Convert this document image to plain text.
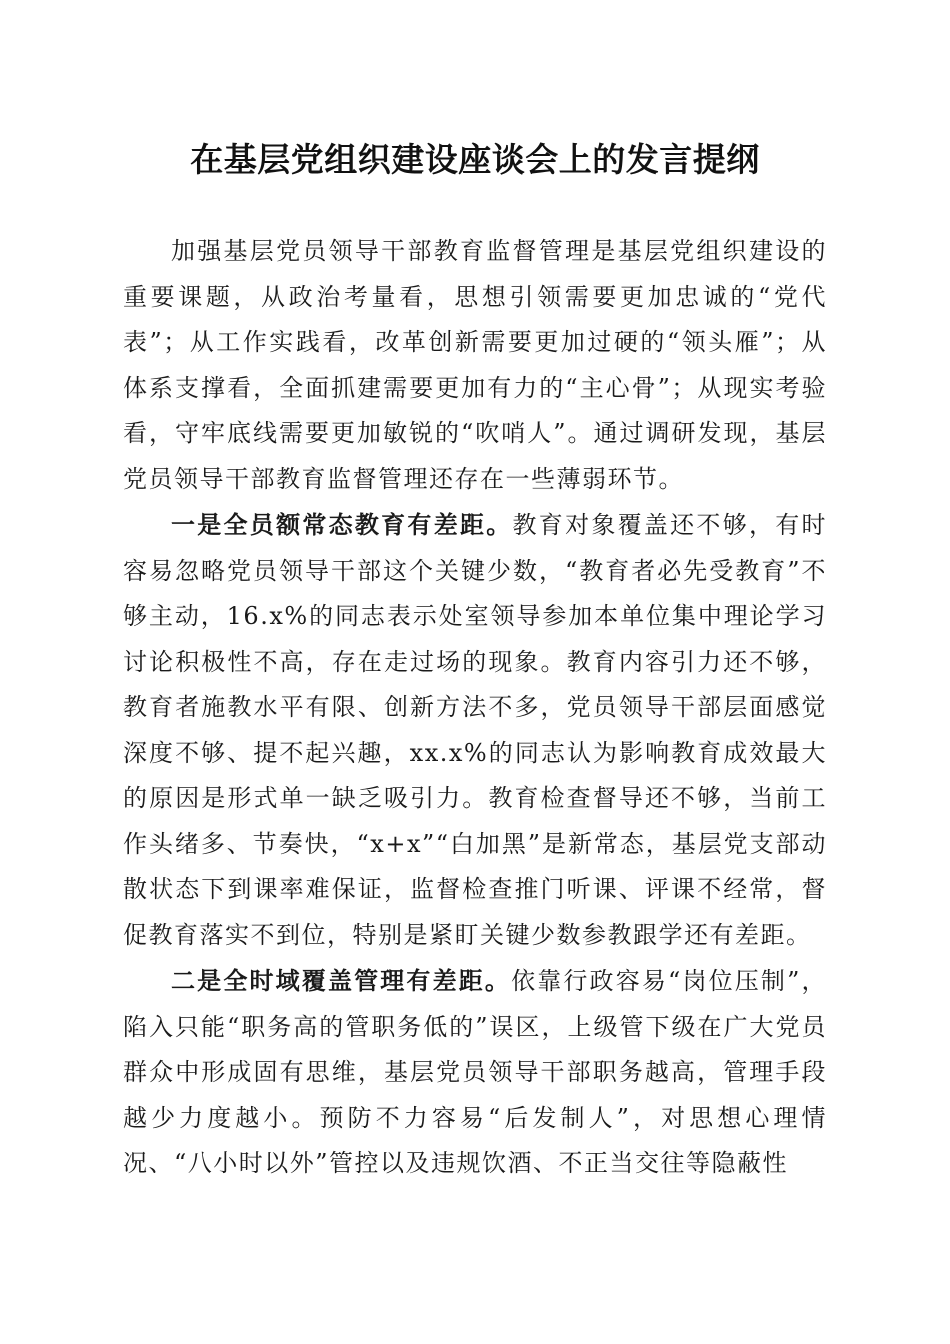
在基层党组织建设座谈会上的发言提纲

加强基层党员领导干部教育监督管理是基层党组织建设的重要课题，从政治考量看，思想引领需要更加忠诚的“党代表”；从工作实践看，改革创新需要更加过硬的“领头雁”；从体系支撑看，全面抓建需要更加有力的“主心骨”；从现实考验看，守牢底线需要更加敏锐的“吹哨人”。通过调研发现，基层党员领导干部教育监督管理还存在一些薄弱环节。

一是全员额常态教育有差距。教育对象覆盖还不够，有时容易忽略党员领导干部这个关键少数，“教育者必先受教育”不够主动，16.x%的同志表示处室领导参加本单位集中理论学习讨论积极性不高，存在走过场的现象。教育内容引力还不够，教育者施教水平有限、创新方法不多，党员领导干部层面感觉深度不够、提不起兴趣，xx.x%的同志认为影响教育成效最大的原因是形式单一缺乏吸引力。教育检查督导还不够，当前工作头绪多、节奏快，“x+x”“白加黑”是新常态，基层党支部动散状态下到课率难保证，监督检查推门听课、评课不经常，督促教育落实不到位，特别是紧盯关键少数参教跟学还有差距。

二是全时域覆盖管理有差距。依靠行政容易“岗位压制”，陷入只能“职务高的管职务低的”误区，上级管下级在广大党员群众中形成固有思维，基层党员领导干部职务越高，管理手段越少力度越小。预防不力容易“后发制人”，对思想心理情况、“八小时以外”管控以及违规饮酒、不正当交往等隐蔽性
